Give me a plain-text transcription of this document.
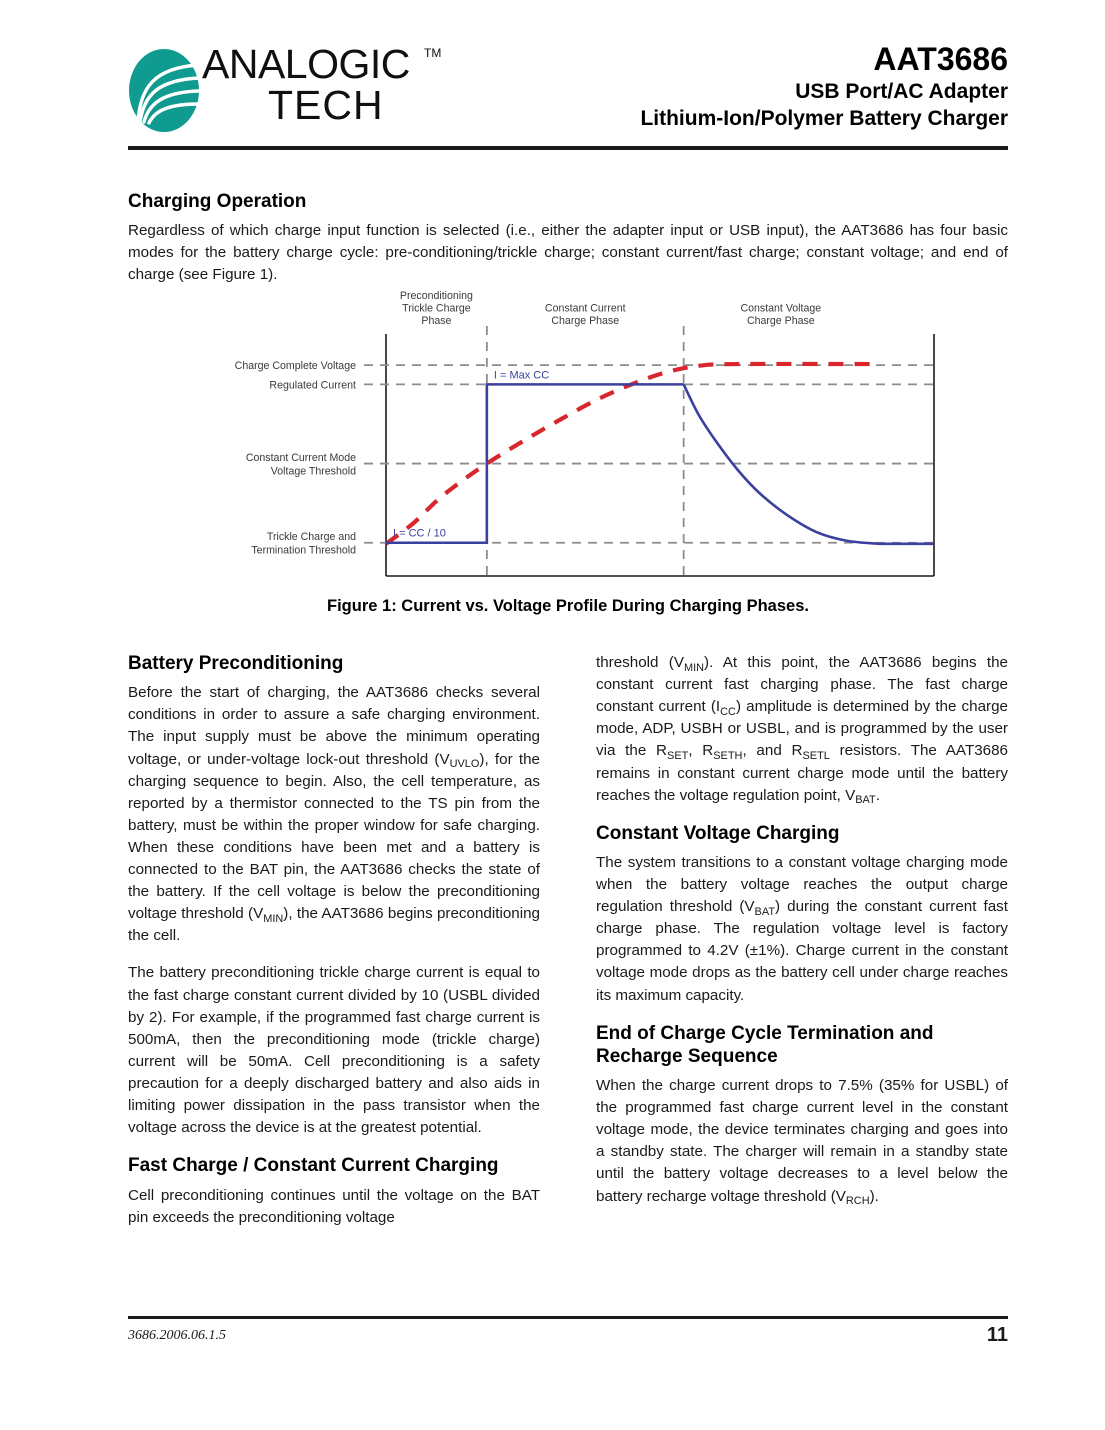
ANALOGIC TM
TECH
AAT3686
USB Port/AC Adapter
Lithium-Ion/Polymer Battery Charger
Charging Operation

Regardless of which charge input function is selected (i.e., either the adapter input or USB input), the AAT3686 has four basic modes for the battery charge cycle: pre-conditioning/trickle charge; constant current/fast charge; constant voltage; and end of charge (see Figure 1).

Charge Complete Voltage
Regulated Current
Constant Current Mode
Voltage Threshold
Trickle Charge and
Termination Threshold
Preconditioning
Trickle Charge
Phase
Constant Current
Charge Phase
Constant Voltage
Charge Phase
I = Max CC
I = CC / 10
Figure 1: Current vs. Voltage Profile During Charging Phases.
Battery Preconditioning

Before the start of charging, the AAT3686 checks several conditions in order to assure a safe charging environment. The input supply must be above the minimum operating voltage, or under-voltage lock-out threshold $(V_{UVLO})$, for the charging sequence to begin. Also, the cell temperature, as reported by a thermistor connected to the TS pin from the battery, must be within the proper window for safe charging. When these conditions have been met and a battery is connected to the BAT pin, the AAT3686 checks the state of the battery. If the cell voltage is below the preconditioning voltage threshold $(V_{MIN})$, the AAT3686 begins preconditioning the cell.

The battery preconditioning trickle charge current is equal to the fast charge constant current divided by 10 (USBL divided by 2). For example, if the programmed fast charge current is 500mA, then the preconditioning mode (trickle charge) current will be 50mA. Cell preconditioning is a safety precaution for a deeply discharged battery and also aids in limiting power dissipation in the pass transistor when the voltage across the device is at the greatest potential.

Fast Charge / Constant Current Charging

Cell preconditioning continues until the voltage on the BAT pin exceeds the preconditioning voltage

threshold $(V_{MIN})$. At this point, the AAT3686 begins the constant current fast charging phase. The fast charge constant current $(I_{CC})$ amplitude is determined by the charge mode, ADP, USBH or USBL, and is programmed by the user via the $R_{SET}$, $R_{SETH}$, and $R_{SETL}$ resistors. The AAT3686 remains in constant current charge mode until the battery reaches the voltage regulation point, $V_{BAT}$.

Constant Voltage Charging

The system transitions to a constant voltage charging mode when the battery voltage reaches the output charge regulation threshold $(V_{BAT})$ during the constant current fast charge phase. The regulation voltage level is factory programmed to 4.2V (±1%). Charge current in the constant voltage mode drops as the battery cell under charge reaches its maximum capacity.

End of Charge Cycle Termination and Recharge Sequence

When the charge current drops to 7.5% (35% for USBL) of the programmed fast charge current level in the constant voltage mode, the device terminates charging and goes into a standby state. The charger will remain in a standby state until the battery voltage decreases to a level below the battery recharge voltage threshold $(V_{RCH})$.

3686.2006.06.1.5	11
